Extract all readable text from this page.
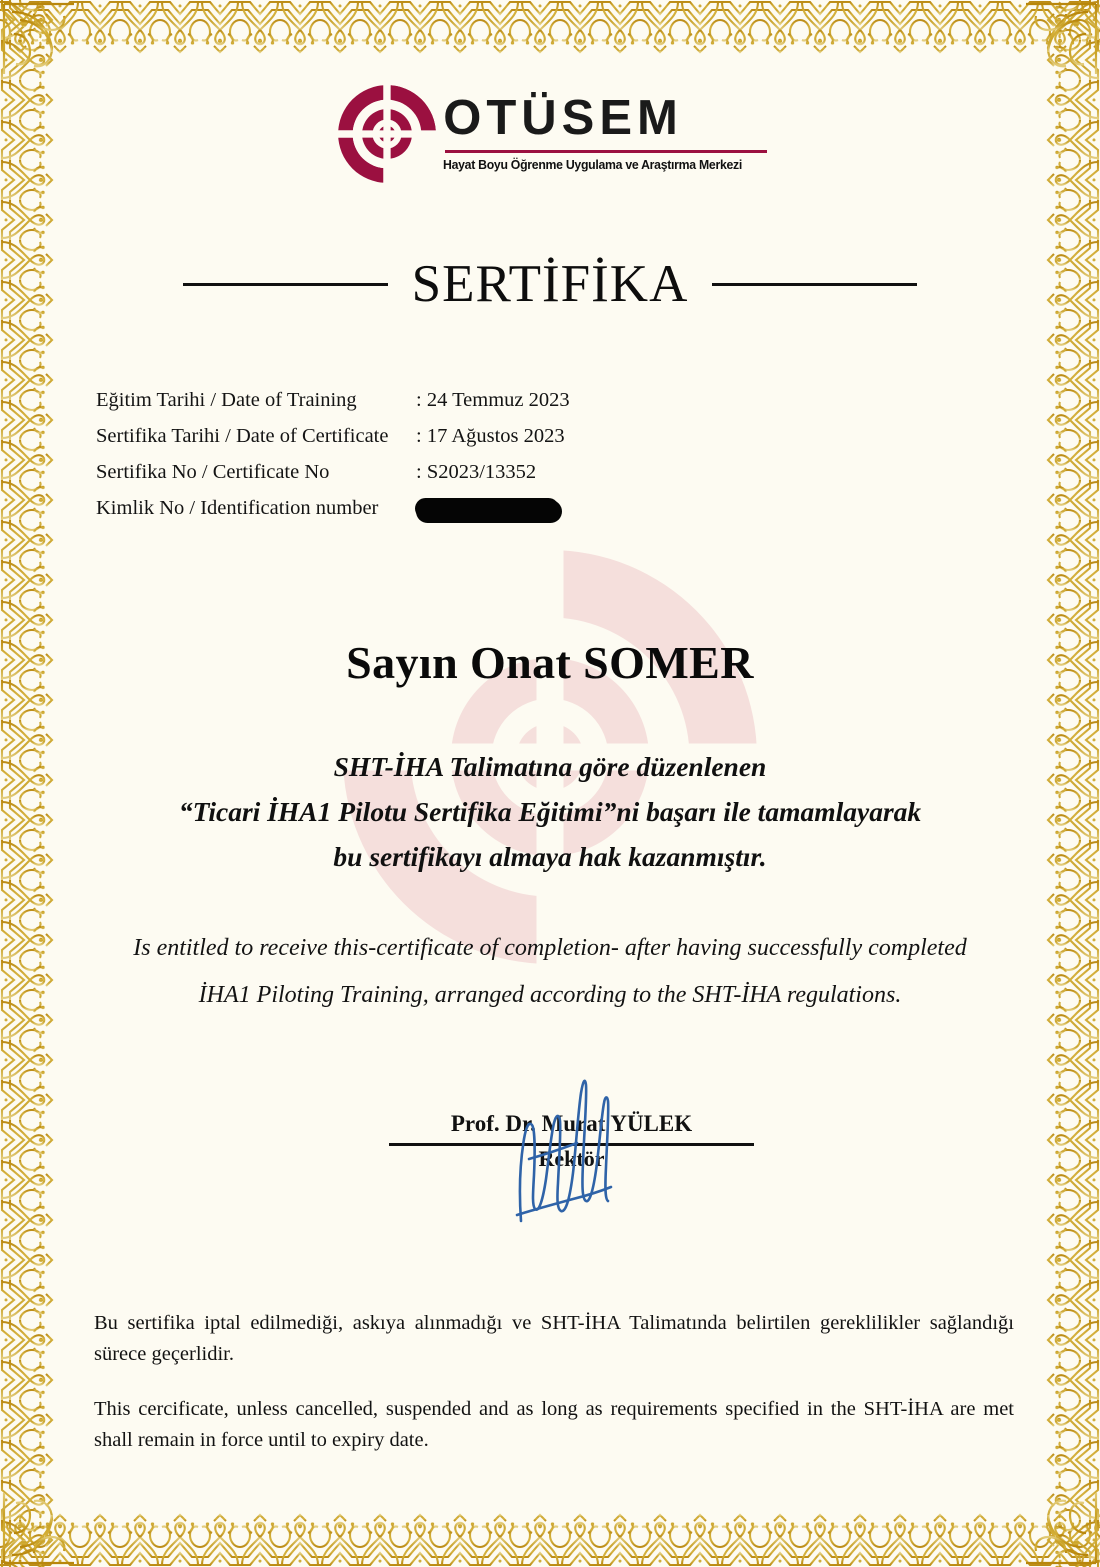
OTÜSEM
Hayat Boyu Öğrenme Uygulama ve Araştırma Merkezi
SERTİFİKA
Eğitim Tarihi / Date of Training	: 24 Temmuz 2023
Sertifika Tarihi / Date of Certificate	: 17 Ağustos 2023
Sertifika No / Certificate No	: S2023/13352
Kimlik No / Identification number
Sayın Onat SOMER
SHT-İHA Talimatına göre düzenlenen
“Ticari İHA1 Pilotu Sertifika Eğitimi”ni başarı ile tamamlayarak
bu sertifikayı almaya hak kazanmıştır.
Is entitled to receive this-certificate of completion- after having successfully completed
İHA1 Piloting Training, arranged according to the SHT-İHA regulations.
Prof. Dr. Murat YÜLEK
Rektör

Bu sertifika iptal edilmediği, askıya alınmadığı ve SHT-İHA Talimatında belirtilen gereklilikler sağlandığı sürece geçerlidir.

This cercificate, unless cancelled, suspended and as long as requirements specified in the SHT-İHA are met shall remain in force until to expiry date.
